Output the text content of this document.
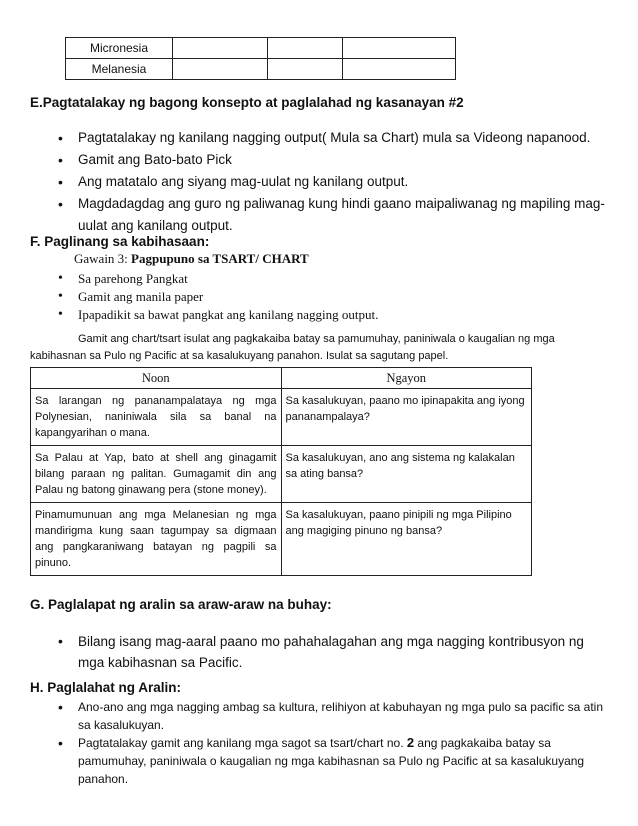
Micronesia			
Melanesia			
E.Pagtatalakay ng bagong konsepto at paglalahad ng kasanayan #2
• Pagtatalakay ng kanilang nagging output( Mula sa Chart) mula sa Videong napanood.
• Gamit ang Bato-bato Pick
• Ang matatalo ang siyang mag-uulat ng kanilang output.
• Magdadagdag ang guro ng paliwanag kung hindi gaano maipaliwanag ng mapiling mag-uulat ang kanilang output.
F. Paglinang sa kabihasaan:
Gawain 3: Pagpupuno sa TSART/ CHART
• Sa parehong Pangkat
• Gamit ang manila paper
• Ipapadikit sa bawat pangkat ang kanilang nagging output.
Gamit ang chart/tsart isulat ang pagkakaiba batay sa pamumuhay, paniniwala o kaugalian ng mga kabihasnan sa Pulo ng Pacific at sa kasalukuyang panahon. Isulat sa sagutang papel.
Noon	Ngayon
Sa larangan ng pananampalataya ng mga Polynesian, naniniwala sila sa banal na kapangyarihan o mana.	Sa kasalukuyan, paano mo ipinapakita ang iyong pananampalaya?
Sa Palau at Yap, bato at shell ang ginagamit bilang paraan ng palitan. Gumagamit din ang Palau ng batong ginawang pera (stone money).	Sa kasalukuyan, ano ang sistema ng kalakalan sa ating bansa?
Pinamumunuan ang mga Melanesian ng mga mandirigma kung saan tagumpay sa digmaan ang pangkaraniwang batayan ng pagpili sa pinuno.	Sa kasalukuyan, paano pinipili ng mga Pilipino ang magiging pinuno ng bansa?
G. Paglalapat ng aralin sa araw-araw na buhay:
• Bilang isang mag-aaral paano mo pahahalagahan ang mga nagging kontribusyon ng mga kabihasnan sa Pacific.
H. Paglalahat ng Aralin:
• Ano-ano ang mga nagging ambag sa kultura, relihiyon at kabuhayan ng mga pulo sa pacific sa atin sa kasalukuyan.
• Pagtatalakay gamit ang kanilang mga sagot sa tsart/chart no. 2 ang pagkakaiba batay sa pamumuhay, paniniwala o kaugalian ng mga kabihasnan sa Pulo ng Pacific at sa kasalukuyang panahon.
